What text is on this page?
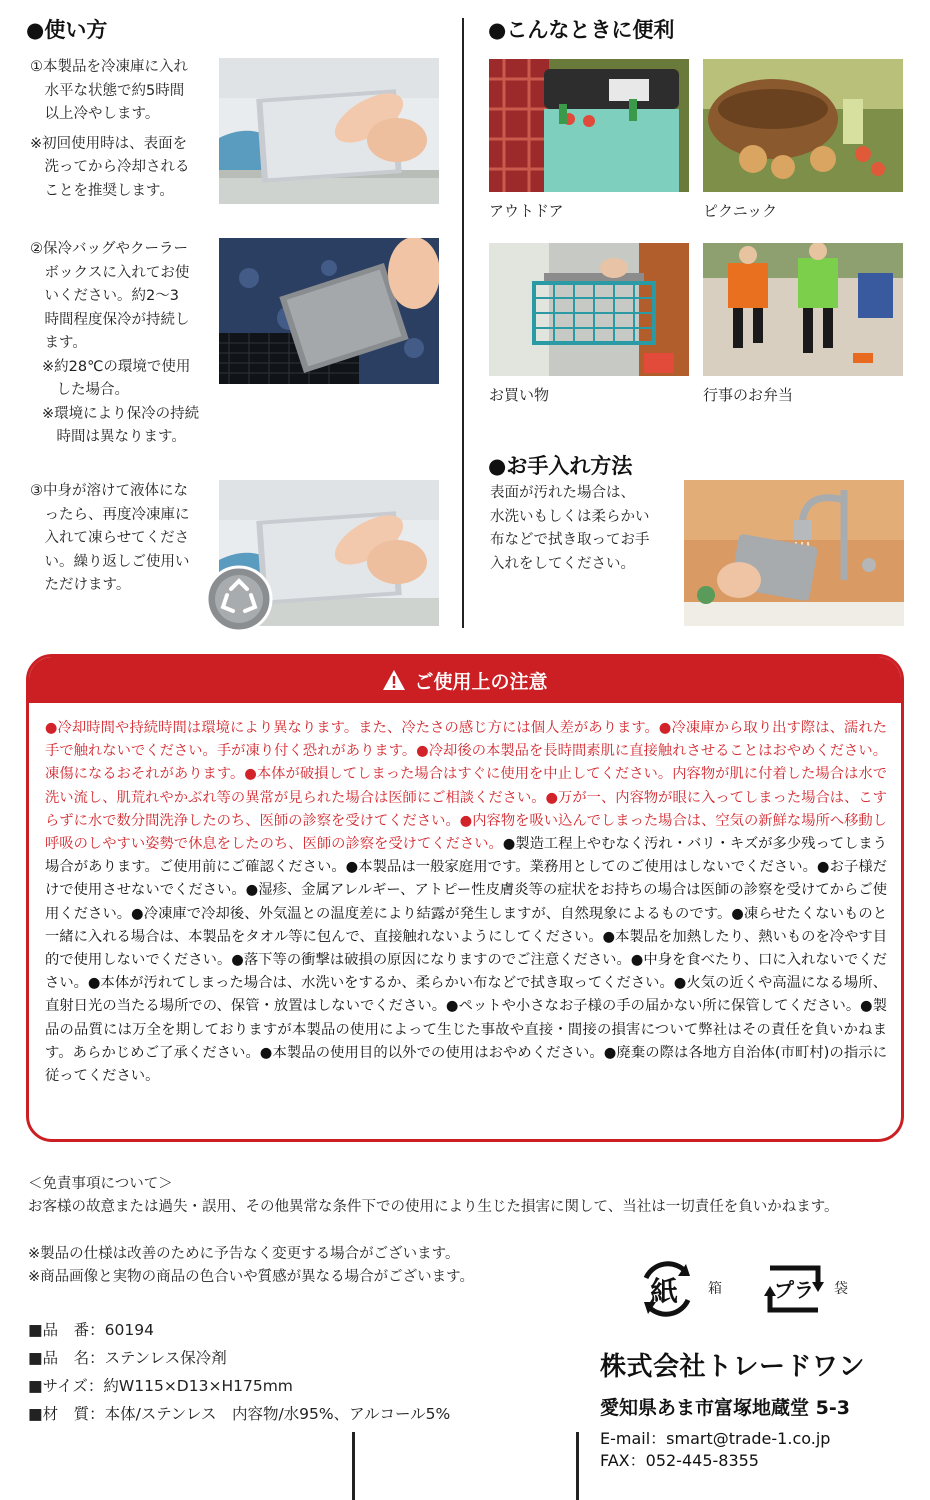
●使い方
①本製品を冷凍庫に入れ
　水平な状態で約5時間
　以上冷やします。
※初回使用時は、表面を
　洗ってから冷却される
　ことを推奨します。
②保冷バッグやクーラー
　ボックスに入れてお使
　いください。約2～3
　時間程度保冷が持続し
　ます。
※約28℃の環境で使用
　した場合。
※環境により保冷の持続
　時間は異なります。
③中身が溶けて液体にな
　ったら、再度冷凍庫に
　入れて凍らせてくださ
　い。繰り返しご使用い
　ただけます。
●こんなときに便利
アウトドア	ピクニック
お買い物	行事のお弁当
●お手入れ方法
表面が汚れた場合は、
水洗いもしくは柔らかい
布などで拭き取ってお手
入れをしてください。
ご使用上の注意
●冷却時間や持続時間は環境により異なります。また、冷たさの感じ方には個人差があります。●冷凍庫から取り出す際は、濡れた手で触れないでください。手が凍り付く恐れがあります。●冷却後の本製品を長時間素肌に直接触れさせることはおやめください。凍傷になるおそれがあります。●本体が破損してしまった場合はすぐに使用を中止してください。内容物が肌に付着した場合は水で洗い流し、肌荒れやかぶれ等の異常が見られた場合は医師にご相談ください。●万が一、内容物が眼に入ってしまった場合は、こすらずに水で数分間洗浄したのち、医師の診察を受けてください。●内容物を吸い込んでしまった場合は、空気の新鮮な場所へ移動し呼吸のしやすい姿勢で休息をしたのち、医師の診察を受けてください。●製造工程上やむなく汚れ・バリ・キズが多少残ってしまう場合があります。ご使用前にご確認ください。●本製品は一般家庭用です。業務用としてのご使用はしないでください。●お子様だけで使用させないでください。●湿疹、金属アレルギー、アトピー性皮膚炎等の症状をお持ちの場合は医師の診察を受けてからご使用ください。●冷凍庫で冷却後、外気温との温度差により結露が発生しますが、自然現象によるものです。●凍らせたくないものと一緒に入れる場合は、本製品をタオル等に包んで、直接触れないようにしてください。●本製品を加熱したり、熱いものを冷やす目的で使用しないでください。●落下等の衝撃は破損の原因になりますのでご注意ください。●中身を食べたり、口に入れないでください。●本体が汚れてしまった場合は、水洗いをするか、柔らかい布などで拭き取ってください。●火気の近くや高温になる場所、直射日光の当たる場所での、保管・放置はしないでください。●ペットや小さなお子様の手の届かない所に保管してください。●製品の品質には万全を期しておりますが本製品の使用によって生じた事故や直接・間接の損害について弊社はその責任を負いかねます。あらかじめご了承ください。●本製品の使用目的以外での使用はおやめください。●廃棄の際は各地方自治体(市町村)の指示に従ってください。
＜免責事項について＞
お客様の故意または過失・誤用、その他異常な条件下での使用により生じた損害に関して、当社は一切責任を負いかねます。
※製品の仕様は改善のために予告なく変更する場合がございます。
※商品画像と実物の商品の色合いや質感が異なる場合がございます。	紙 箱	プラ 袋
■品　番：60194
■品　名：ステンレス保冷剤
■サイズ：約W115×D13×H175mm
■材　質：本体/ステンレス　内容物/水95%、アルコール5%
株式会社トレードワン
愛知県あま市富塚地蔵堂 5-3
E-mail：smart@trade-1.co.jp
FAX：052-445-8355
